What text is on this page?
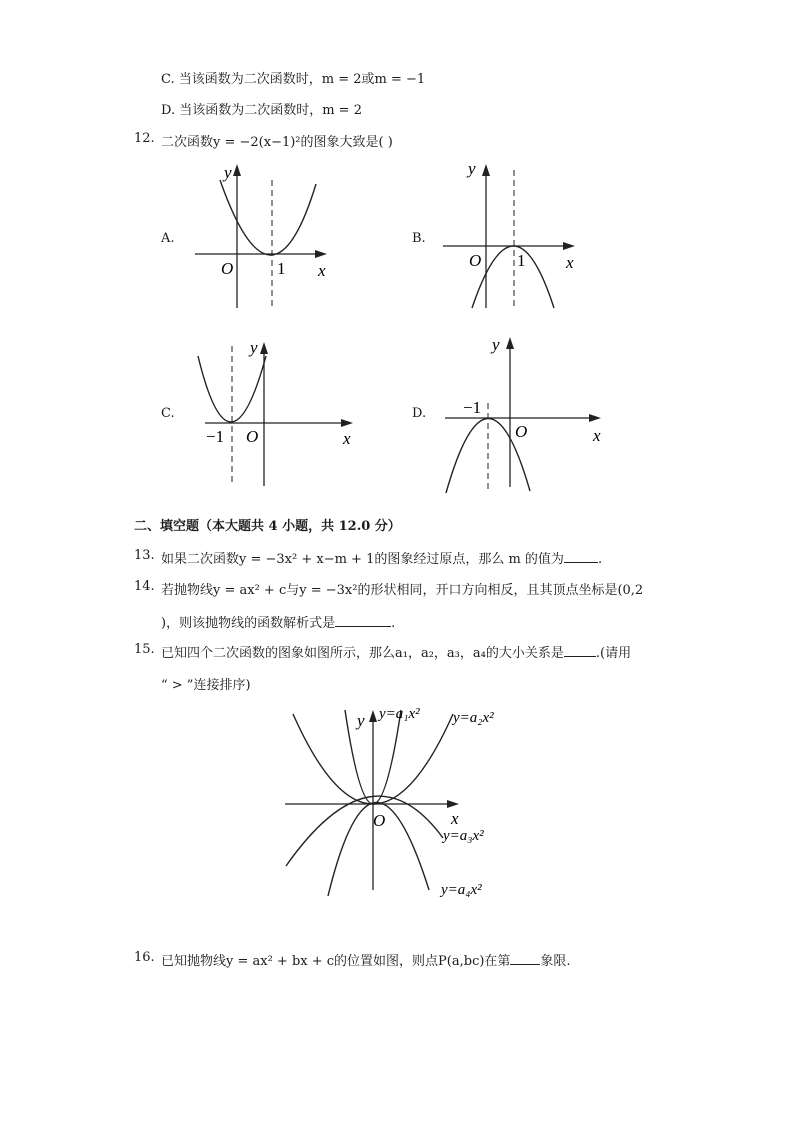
C. 当该函数为二次函数时，m = 2或m = −1
D. 当该函数为二次函数时，m = 2
12. 二次函数y = −2(x−1)²的图象大致是( )
A.
y
O	1 x
B.
y
O 1 x
C.
y
−1 O	x
D.
y
−1
O	x
二、填空题（本大题共 4 小题，共 12.0 分）
13. 如果二次函数y = −3x² + x−m + 1的图象经过原点，那么 m 的值为	.
14. 若抛物线y = ax² + c与y = −3x²的形状相同，开口方向相反，且其顶点坐标是(0,2
)，则该抛物线的函数解析式是	.
15. 已知四个二次函数的图象如图所示，那么a₁，a₂，a₃，a₄的大小关系是 .(请用
“ > ”连接排序)
y
x
O
y=a₁x² y=a₂x²
y=a₃x²
y=a₄x²
16. 已知抛物线y = ax² + bx + c的位置如图，则点P(a,bc)在第 象限.
